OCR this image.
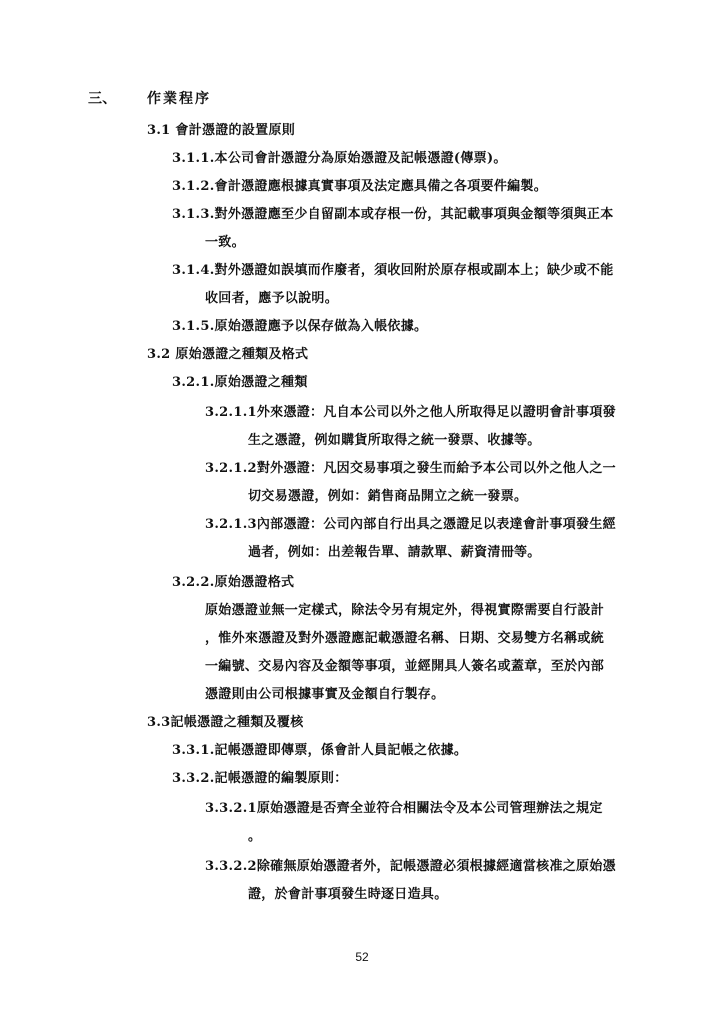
三、 作業程序
3.1 會計憑證的設置原則
3.1.1.本公司會計憑證分為原始憑證及記帳憑證(傳票)。
3.1.2.會計憑證應根據真實事項及法定應具備之各項要件編製。
3.1.3.對外憑證應至少自留副本或存根一份，其記載事項與金額等須與正本
一致。
3.1.4.對外憑證如誤填而作廢者，須收回附於原存根或副本上；缺少或不能
收回者，應予以說明。
3.1.5.原始憑證應予以保存做為入帳依據。
3.2 原始憑證之種類及格式
3.2.1.原始憑證之種類
3.2.1.1外來憑證：凡自本公司以外之他人所取得足以證明會計事項發
生之憑證，例如購貨所取得之統一發票、收據等。
3.2.1.2對外憑證：凡因交易事項之發生而給予本公司以外之他人之一
切交易憑證，例如：銷售商品開立之統一發票。
3.2.1.3內部憑證：公司內部自行出具之憑證足以表達會計事項發生經
過者，例如：出差報告單、請款單、薪資清冊等。
3.2.2.原始憑證格式
原始憑證並無一定樣式，除法令另有規定外，得視實際需要自行設計
，惟外來憑證及對外憑證應記載憑證名稱、日期、交易雙方名稱或統
一編號、交易內容及金額等事項，並經開具人簽名或蓋章，至於內部
憑證則由公司根據事實及金額自行製存。
3.3記帳憑證之種類及覆核
3.3.1.記帳憑證即傳票，係會計人員記帳之依據。
3.3.2.記帳憑證的編製原則：
3.3.2.1原始憑證是否齊全並符合相關法令及本公司管理辦法之規定
。
3.3.2.2除確無原始憑證者外，記帳憑證必須根據經適當核准之原始憑
證，於會計事項發生時逐日造具。
52
